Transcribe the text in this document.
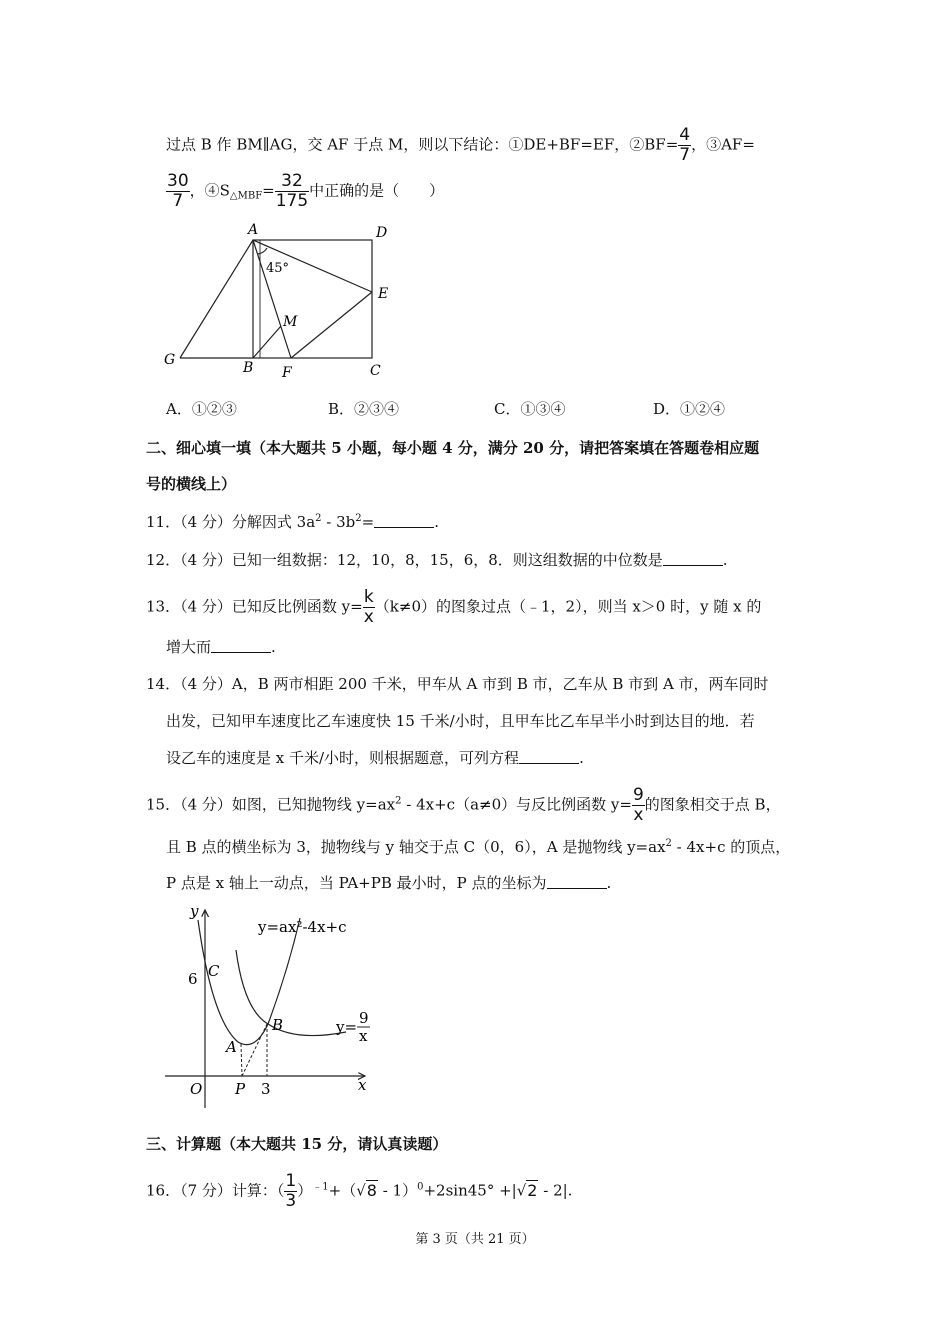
过点 B 作 BM∥AG，交 AF 于点 M，则以下结论：①DE+BF=EF，②BF= $\frac{4}{7}$ ，③AF=
$\frac{30}{7}$ ，$④S_{\triangle MBF}= \frac{32}{175}$ 中正确的是（　　）
A	D
E
M
G	B F	C
45°
A．①②③	B．②③④	C．①③④	D．①②④
二、细心填一填（本大题共 5 小题，每小题 4 分，满分 20 分，请把答案填在答题卷相应题
号的横线上）
11．（4 分）分解因式 $3a^2 - 3b^2=$	.
12．（4 分）已知一组数据：12，10，8，15，6，8．则这组数据的中位数是	.
13．（4 分）已知反比例函数 $y= \frac{k}{x} (k\ne 0)$的图象过点（﹣1，2），则当 x＞0 时，y 随 x 的
增大而	.
14．（4 分）A，B 两市相距 200 千米，甲车从 A 市到 B 市，乙车从 B 市到 A 市，两车同时
出发，已知甲车速度比乙车速度快 15 千米/小时，且甲车比乙车早半小时到达目的地．若
设乙车的速度是 x 千米/小时，则根据题意，可列方程	.
15．（4 分）如图，已知抛物线 $y=ax^2 - 4x+c(a\ne 0)$与反比例函数 $y= \frac{9}{x}$ 的图象相交于点 B，
且 B 点的横坐标为 3，抛物线与 y 轴交于点 C（0，6），A 是抛物线 $y=ax^2 - 4x+c$ 的顶点，
P 点是 x 轴上一动点，当 PA+PB 最小时，P 点的坐标为	.
y
x
O
6 C
A
B
P 3
y=ax²-4x+c
y= 9
x
三、计算题（本大题共 15 分，请认真读题）
16．（7 分）计算：（ $\frac{1}{3} )^{﹣1}+(√8 - 1)^0+2\sin 45^\circ +|√2 - 2|$.
第 3 页（共 21 页）
